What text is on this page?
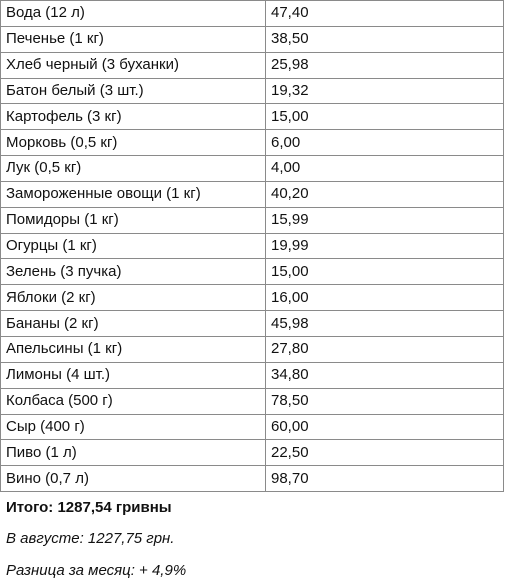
Вода (12 л)	47,40
Печенье (1 кг)	38,50
Хлеб черный (3 буханки)	25,98
Батон белый (3 шт.)	19,32
Картофель (3 кг)	15,00
Морковь (0,5 кг)	6,00
Лук (0,5 кг)	4,00
Замороженные овощи (1 кг)	40,20
Помидоры (1 кг)	15,99
Огурцы (1 кг)	19,99
Зелень (3 пучка)	15,00
Яблоки (2 кг)	16,00
Бананы (2 кг)	45,98
Апельсины (1 кг)	27,80
Лимоны (4 шт.)	34,80
Колбаса (500 г)	78,50
Сыр (400 г)	60,00
Пиво (1 л)	22,50
Вино (0,7 л)	98,70
Итого: 1287,54 гривны
В августе: 1227,75 грн.
Разница за месяц: + 4,9%
